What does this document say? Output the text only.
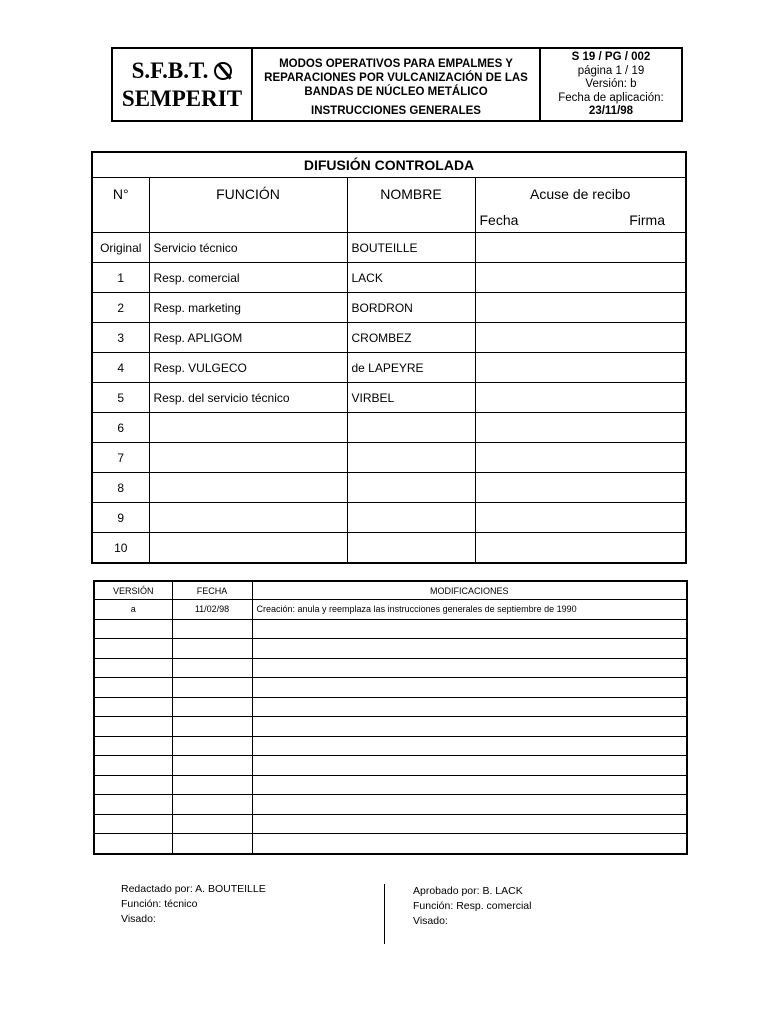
S.F.B.T.
SEMPERIT
MODOS OPERATIVOS PARA EMPALMES Y
REPARACIONES POR VULCANIZACIÓN DE LAS
BANDAS DE NÚCLEO METÁLICO
INSTRUCCIONES GENERALES
S 19 / PG / 002
página 1 / 19
Versión: b
Fecha de aplicación:
23/11/98
DIFUSIÓN CONTROLADA			
N°	FUNCIÓN	NOMBRE	Acuse de recibo
Fecha Firma

Original	Servicio técnico	BOUTEILLE	
1	Resp. comercial	LACK	
2	Resp. marketing	BORDRON	
3	Resp. APLIGOM	CROMBEZ	
4	Resp. VULGECO	de LAPEYRE	
5	Resp. del servicio técnico	VIRBEL	
6			
7			
8			
9			
10			
VERSIÓN	FECHA	MODIFICACIONES
a	11/02/98	Creación: anula y reemplaza las instrucciones generales de septiembre de 1990

Redactado por: A. BOUTEILLE
Función: técnico
Visado:
Aprobado por: B. LACK
Función: Resp. comercial
Visado:
